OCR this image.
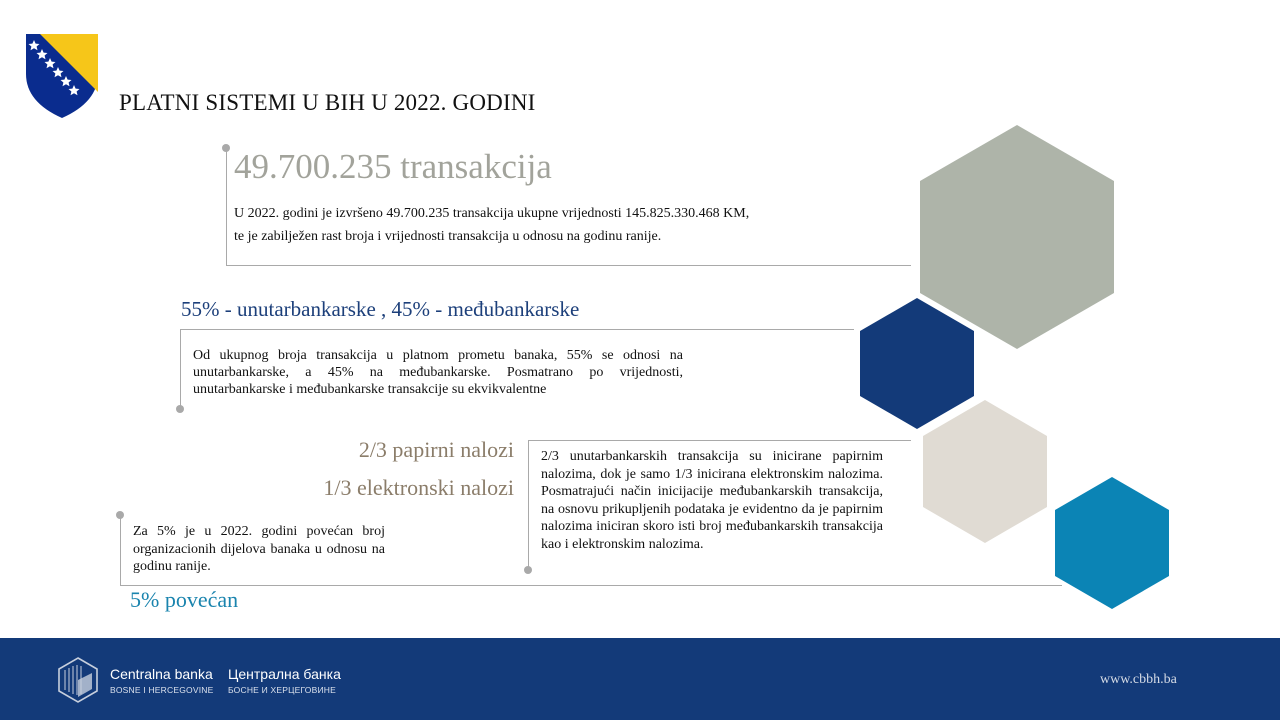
PLATNI SISTEMI U BIH U 2022. GODINI
49.700.235 transakcija
U 2022. godini je izvršeno 49.700.235 transakcija ukupne vrijednosti 145.825.330.468 KM,
te je zabilježen rast broja i vrijednosti transakcija u odnosu na godinu ranije.
55% - unutarbankarske , 45% - međubankarske
Od ukupnog broja transakcija u platnom prometu banaka, 55% se odnosi na unutarbankarske, a 45% na međubankarske. Posmatrano po vrijednosti, unutarbankarske i međubankarske transakcije su ekvikvalentne
2/3 papirni nalozi
1/3 elektronski nalozi
2/3 unutarbankarskih transakcija su inicirane papirnim nalozima, dok je samo 1/3 inicirana elektronskim nalozima. Posmatrajući način inicijacije međubankarskih transakcija, na osnovu prikupljenih podataka je evidentno da je papirnim nalozima iniciran skoro isti broj međubankarskih transakcija kao i elektronskim nalozima.
Za 5% je u 2022. godini povećan broj organizacionih dijelova banaka u odnosu na godinu ranije.
5% povećan
Centralna banka
BOSNE I HERCEGOVINE
Централна банка
БОСНЕ И ХЕРЦЕГОВИНЕ
www.cbbh.ba
